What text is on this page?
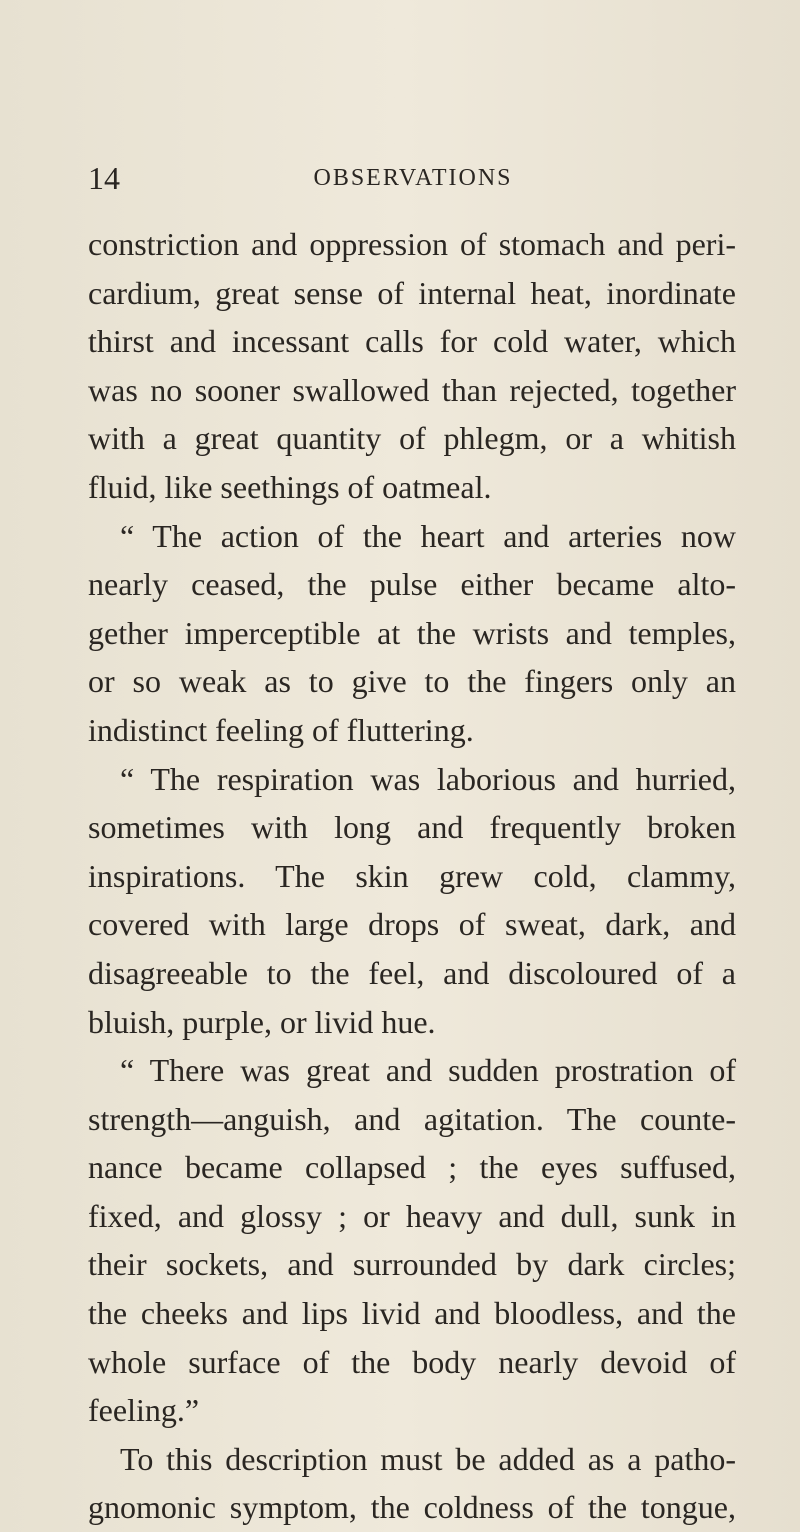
14	OBSERVATIONS
constriction and oppression of stomach and peri-
cardium, great sense of internal heat, inordinate
thirst and incessant calls for cold water, which
was no sooner swallowed than rejected, together
with a great quantity of phlegm, or a whitish
fluid, like seethings of oatmeal.
“ The action of the heart and arteries now
nearly ceased, the pulse either became alto-
gether imperceptible at the wrists and temples,
or so weak as to give to the fingers only an
indistinct feeling of fluttering.
“ The respiration was laborious and hurried,
sometimes with long and frequently broken
inspirations. The skin grew cold, clammy,
covered with large drops of sweat, dark, and
disagreeable to the feel, and discoloured of a
bluish, purple, or livid hue.
“ There was great and sudden prostration of
strength—anguish, and agitation. The counte-
nance became collapsed ; the eyes suffused,
fixed, and glossy ; or heavy and dull, sunk in
their sockets, and surrounded by dark circles;
the cheeks and lips livid and bloodless, and the
whole surface of the body nearly devoid of
feeling.”
To this description must be added as a patho-
gnomonic symptom, the coldness of the tongue,
